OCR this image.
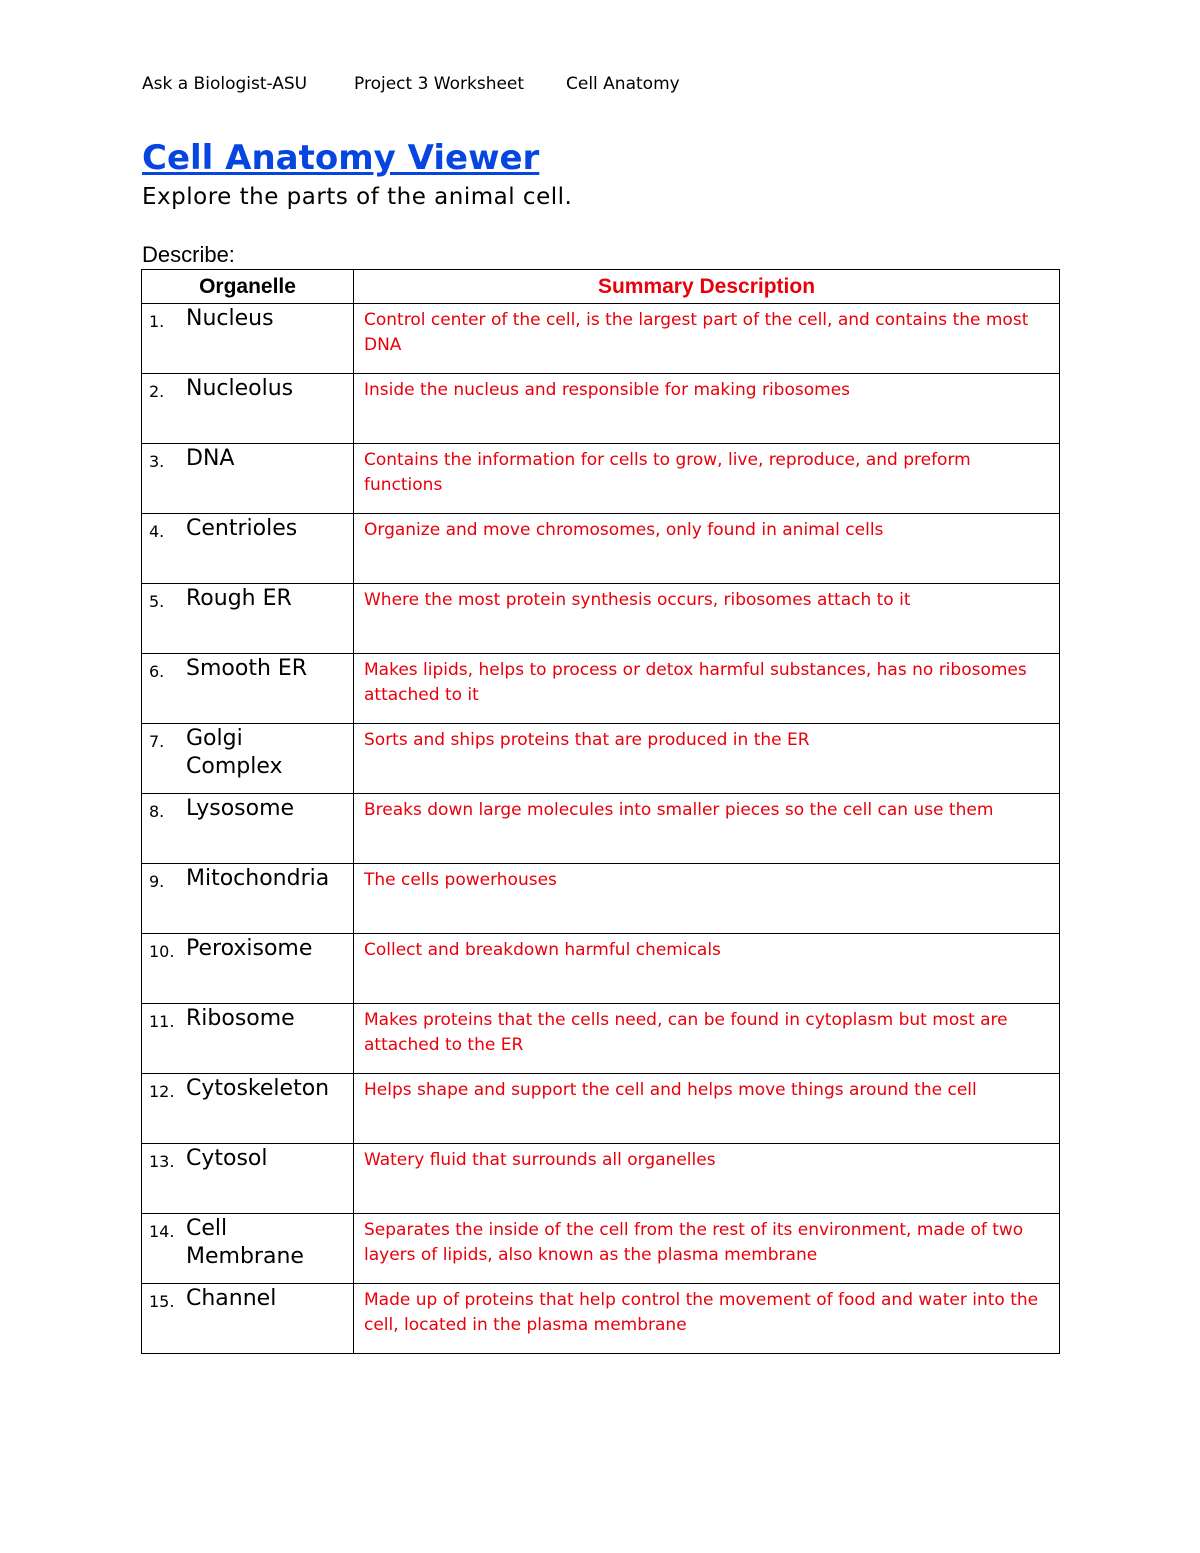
Ask a Biologist-ASU	Project 3 Worksheet Cell Anatomy
Cell Anatomy Viewer
Explore the parts of the animal cell.
Describe:
Organelle	Summary Description
1. Nucleus	Control center of the cell, is the largest part of the cell, and contains the most DNA

2. Nucleolus	Inside the nucleus and responsible for making ribosomes

3. DNA	Contains the information for cells to grow, live, reproduce, and preform functions

4. Centrioles	Organize and move chromosomes, only found in animal cells

5. Rough ER	Where the most protein synthesis occurs, ribosomes attach to it

6. Smooth ER	Makes lipids, helps to process or detox harmful substances, has no ribosomes attached to it

7. Golgi Complex	Sorts and ships proteins that are produced in the ER

8. Lysosome	Breaks down large molecules into smaller pieces so the cell can use them

9. Mitochondria	The cells powerhouses

10. Peroxisome	Collect and breakdown harmful chemicals

11. Ribosome	Makes proteins that the cells need, can be found in cytoplasm but most are attached to the ER

12. Cytoskeleton	Helps shape and support the cell and helps move things around the cell

13. Cytosol	Watery fluid that surrounds all organelles

14. Cell Membrane	Separates the inside of the cell from the rest of its environment, made of two layers of lipids, also known as the plasma membrane

15. Channel	Made up of proteins that help control the movement of food and water into the cell, located in the plasma membrane
